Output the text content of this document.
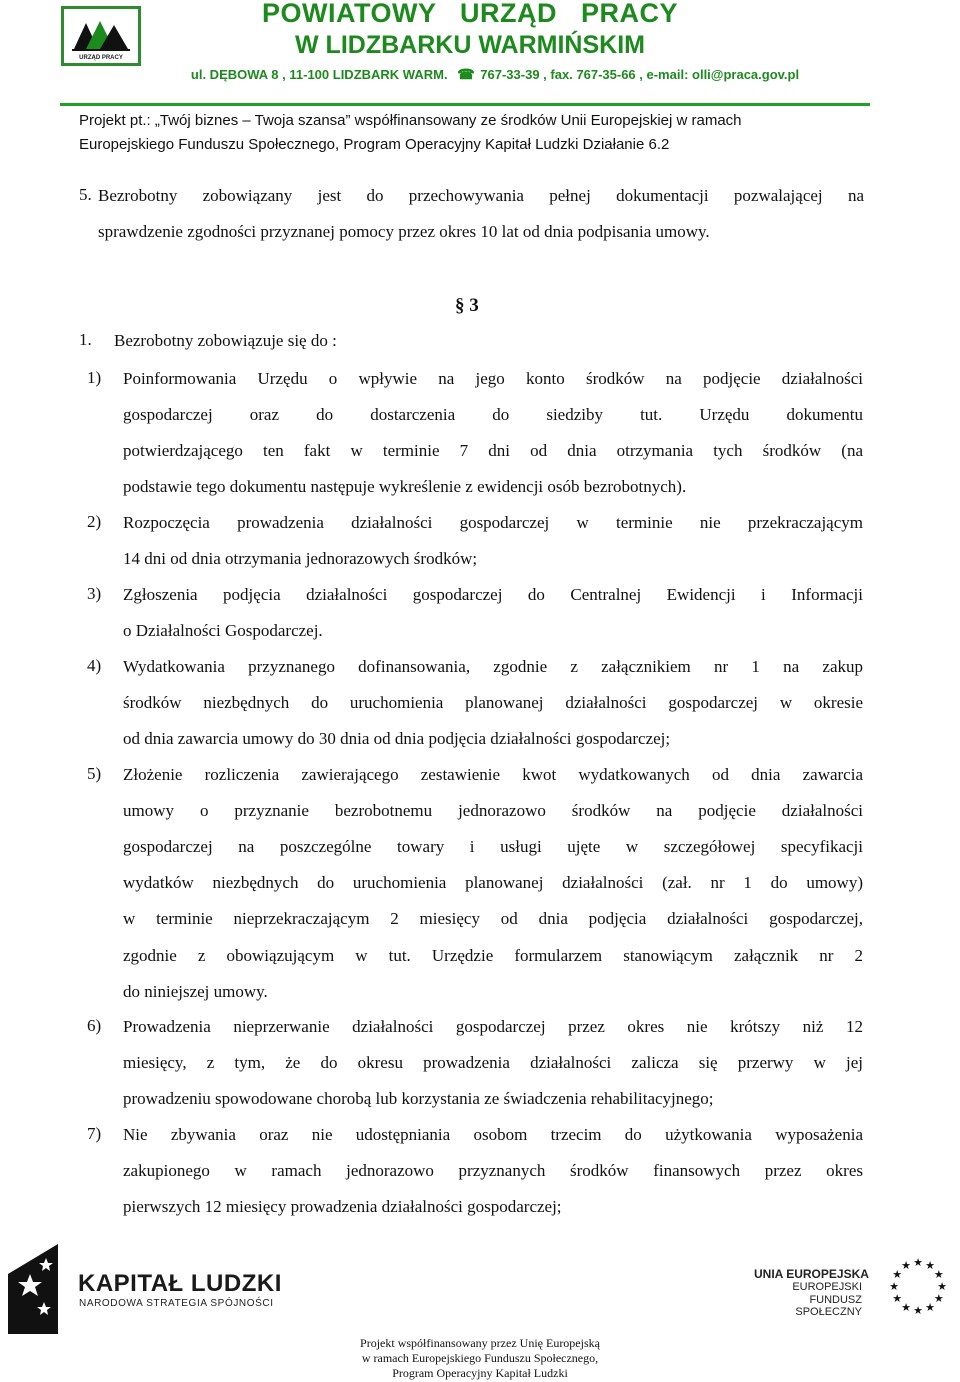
URZĄD PRACY
POWIATOWY URZĄD PRACY
W LIDZBARKU WARMIŃSKIM
ul. DĘBOWA 8 , 11-100 LIDZBARK WARM. ☎ 767-33-39 , fax. 767-35-66 , e-mail: olli@praca.gov.pl
Projekt pt.: „Twój biznes – Twoja szansa” współfinansowany ze środków Unii Europejskiej w ramach
Europejskiego Funduszu Społecznego, Program Operacyjny Kapitał Ludzki Działanie 6.2
5. Bezrobotny zobowiązany jest do przechowywania pełnej dokumentacji pozwalającej na
sprawdzenie zgodności przyznanej pomocy przez okres 10 lat od dnia podpisania umowy.
§ 3
1. Bezrobotny zobowiązuje się do :
1) Poinformowania Urzędu o wpływie na jego konto środków na podjęcie działalności
gospodarczej oraz do dostarczenia do siedziby tut. Urzędu dokumentu
potwierdzającego ten fakt w terminie 7 dni od dnia otrzymania tych środków (na
podstawie tego dokumentu następuje wykreślenie z ewidencji osób bezrobotnych).
2) Rozpoczęcia prowadzenia działalności gospodarczej w terminie nie przekraczającym
14 dni od dnia otrzymania jednorazowych środków;
3) Zgłoszenia podjęcia działalności gospodarczej do Centralnej Ewidencji i Informacji
o Działalności Gospodarczej.
4) Wydatkowania przyznanego dofinansowania, zgodnie z załącznikiem nr 1 na zakup
środków niezbędnych do uruchomienia planowanej działalności gospodarczej w okresie
od dnia zawarcia umowy do 30 dnia od dnia podjęcia działalności gospodarczej;
5) Złożenie rozliczenia zawierającego zestawienie kwot wydatkowanych od dnia zawarcia
umowy o przyznanie bezrobotnemu jednorazowo środków na podjęcie działalności
gospodarczej na poszczególne towary i usługi ujęte w szczegółowej specyfikacji
wydatków niezbędnych do uruchomienia planowanej działalności (zał. nr 1 do umowy)
w terminie nieprzekraczającym 2 miesięcy od dnia podjęcia działalności gospodarczej,
zgodnie z obowiązującym w tut. Urzędzie formularzem stanowiącym załącznik nr 2
do niniejszej umowy.
6) Prowadzenia nieprzerwanie działalności gospodarczej przez okres nie krótszy niż 12
miesięcy, z tym, że do okresu prowadzenia działalności zalicza się przerwy w jej
prowadzeniu spowodowane chorobą lub korzystania ze świadczenia rehabilitacyjnego;
7) Nie zbywania oraz nie udostępniania osobom trzecim do użytkowania wyposażenia
zakupionego w ramach jednorazowo przyznanych środków finansowych przez okres
pierwszych 12 miesięcy prowadzenia działalności gospodarczej;
KAPITAŁ LUDZKI
NARODOWA STRATEGIA SPÓJNOŚCI
UNIA EUROPEJSKA
EUROPEJSKI
FUNDUSZ SPOŁECZNY
★ ★
★
★
★
★
★
★
★
★
★
★
Projekt współfinansowany przez Unię Europejską
w ramach Europejskiego Funduszu Społecznego,
Program Operacyjny Kapitał Ludzki
